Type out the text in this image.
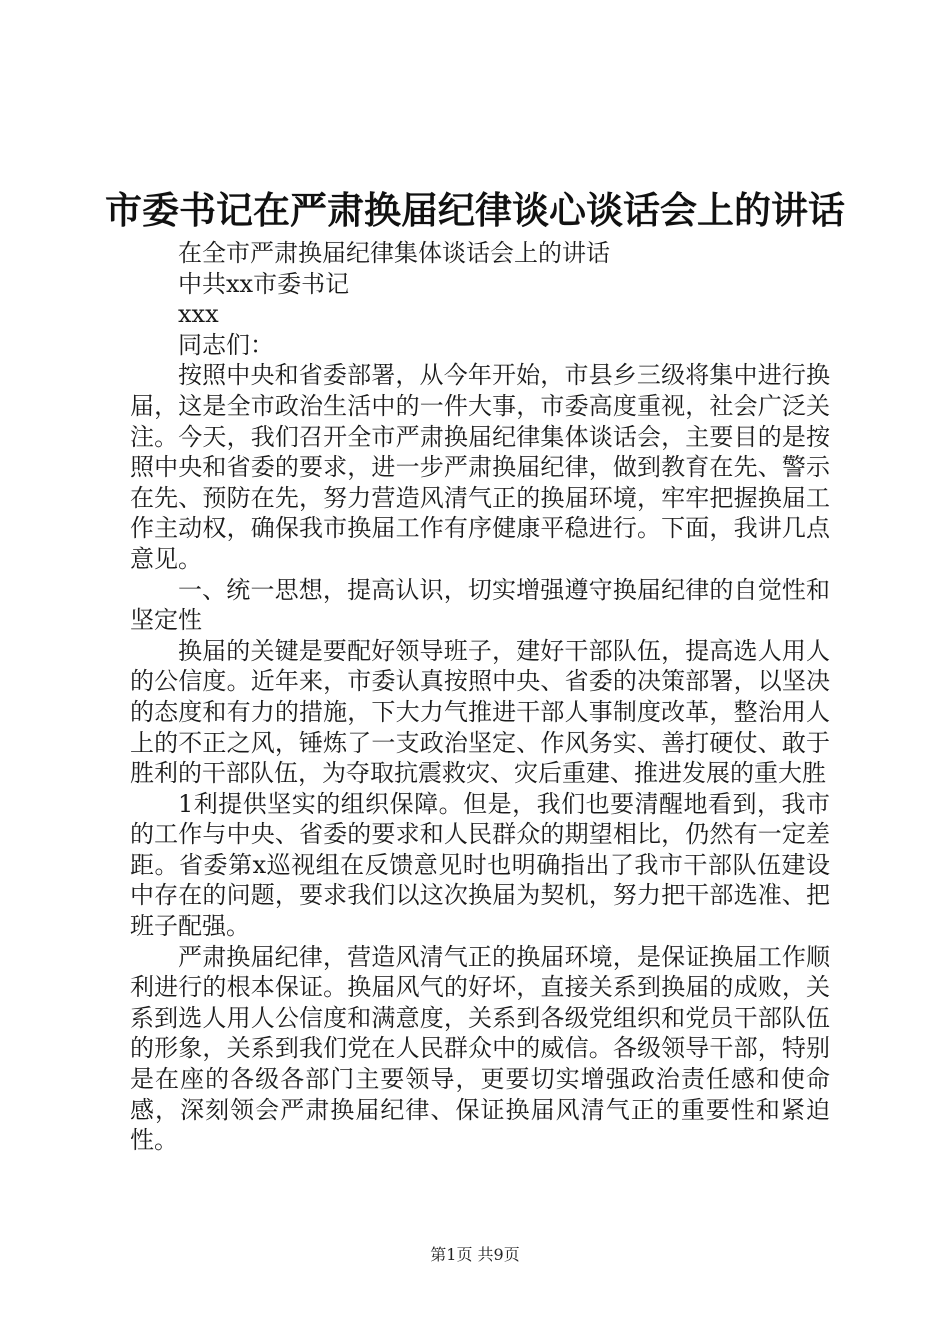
市委书记在严肃换届纪律谈心谈话会上的讲话

在全市严肃换届纪律集体谈话会上的讲话

中共xx市委书记

xxx

同志们：

按照中央和省委部署，从今年开始，市县乡三级将集中进行换届，这是全市政治生活中的一件大事，市委高度重视，社会广泛关注。今天，我们召开全市严肃换届纪律集体谈话会，主要目的是按照中央和省委的要求，进一步严肃换届纪律，做到教育在先、警示在先、预防在先，努力营造风清气正的换届环境，牢牢把握换届工作主动权，确保我市换届工作有序健康平稳进行。下面，我讲几点意见。

一、统一思想，提高认识，切实增强遵守换届纪律的自觉性和坚定性

换届的关键是要配好领导班子，建好干部队伍，提高选人用人的公信度。近年来，市委认真按照中央、省委的决策部署，以坚决的态度和有力的措施，下大力气推进干部人事制度改革，整治用人上的不正之风，锤炼了一支政治坚定、作风务实、善打硬仗、敢于胜利的干部队伍，为夺取抗震救灾、灾后重建、推进发展的重大胜

1利提供坚实的组织保障。但是，我们也要清醒地看到，我市的工作与中央、省委的要求和人民群众的期望相比，仍然有一定差距。省委第x巡视组在反馈意见时也明确指出了我市干部队伍建设中存在的问题，要求我们以这次换届为契机，努力把干部选准、把班子配强。

严肃换届纪律，营造风清气正的换届环境，是保证换届工作顺利进行的根本保证。换届风气的好坏，直接关系到换届的成败，关系到选人用人公信度和满意度，关系到各级党组织和党员干部队伍的形象，关系到我们党在人民群众中的威信。各级领导干部，特别是在座的各级各部门主要领导，更要切实增强政治责任感和使命感，深刻领会严肃换届纪律、保证换届风清气正的重要性和紧迫性。

第1页 共9页
